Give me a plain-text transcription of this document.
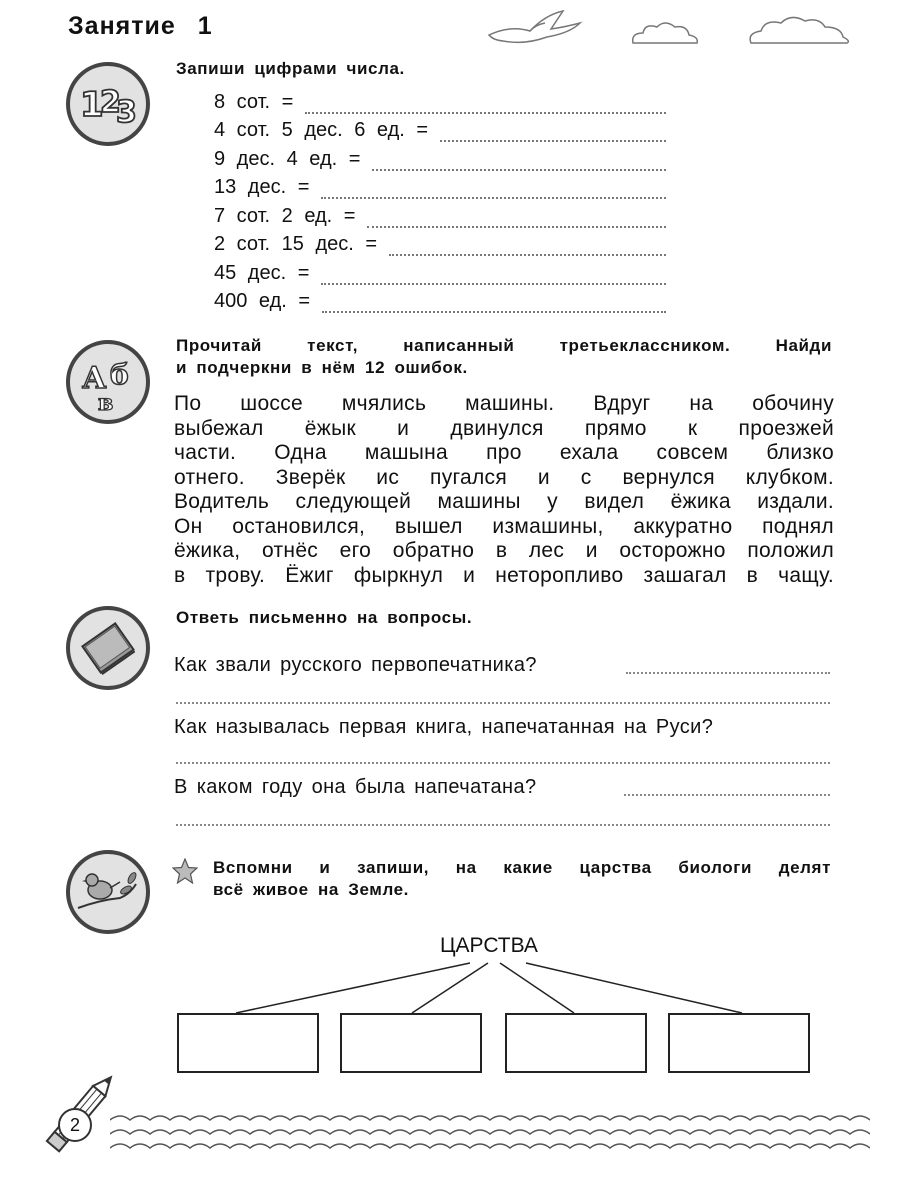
Занятие 1
1
2
3
Запиши цифрами числа.
8 сот. =
4 сот. 5 дес. 6 ед. =
9 дес. 4 ед. =
13 дес. =
7 сот. 2 ед. =
2 сот. 15 дес. =
45 дес. =
400 ед. =
А б
в
Прочитай текст, написанный третьеклассником. Найди
и подчеркни в нём 12 ошибок.
По шоссе мчялись машины. Вдруг на обочину
выбежал ёжык и двинулся прямо к проезжей
части. Одна машына про ехала совсем близко
отнего. Зверёк ис пугался и с вернулся клубком.
Водитель следующей машины у видел ёжика издали.
Он остановился, вышел измашины, аккуратно поднял
ёжика, отнёс его обратно в лес и осторожно положил
в трову. Ёжиг фыркнул и неторопливо зашагал в чащу.
Ответь письменно на вопросы.
Как звали русского первопечатника?
Как называлась первая книга, напечатанная на Руси?
В каком году она была напечатана?
Вспомни и запиши, на какие царства биологи делят
всё живое на Земле.
ЦАРСТВА
2
